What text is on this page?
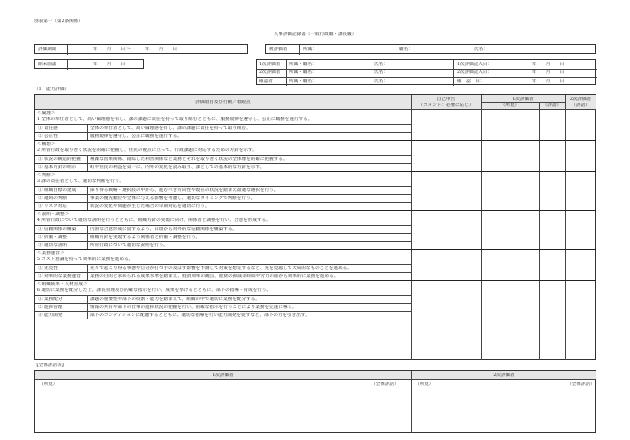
別表第一（第2条関係）
人事評価記録書（一般行政職・課長級）
評価期間	年　　月　　日 ～　　　年　　月　　日
期末面談	年　　月　　日
被評価者	所属：	職名：	氏名：
1次評価者 所属・職名：	氏名：	1次評価記入日：	年　　月　　日
2次評価者 所属・職名：	氏名：	2次評価記入日：	年　　月　　日
確認者	所属・職名：	氏名：	確　認　日：	年　　月　　日
（1　能力評価）
評価項目及び行動／着眼点
自己申告
（コメント：必要に応じ）
1次評価者
（所見）	（評語）
2次評価者
（評語）
＜倫理＞
1 全体の奉仕者として、高い倫理感を有し、課の課題に責任を持って取り組むとともに、服務規律を遵守し、公正に職務を遂行する。
① 責任感	全体の奉仕者として、高い倫理感を有し、課の課題に責任を持って取り組む。
② 公正性	服務規律を遵守し、公正に職務を遂行する。
＜構想＞
2 所管行政を取り巻く状況を的確に把握し、住民の視点に立って、行政課題に対応するための方針を示す。
① 状況の構造的把握	複雑な因果関係、錯綜した利害関係など業務とそれを取り巻く状況の全体像を的確に把握する。
② 基本方針の明示	町や住民の利益を第一に、内外の変化を読み取り、課としての基本的な方針を示す。
＜判断＞
3 課の責任者として、適切な判断を行う。
① 組織目標の達成	採り得る戦略・選択肢の中から、進むべき方向性や現在の状況を踏まえ最適な選択を行う。
② 適時の判断	事業の優先順位や全体に与える影響を考慮し、適切なタイミングで判断を行う。
③ リスク対応	状況の変化や問題が生じた場合の早期対応を適切に行う。
＜説明・調整＞
4 所管行政について適切な説明を行うとともに、組織方針の実現に向け、関係者と調整を行い、合意を形成する。
① 信頼関係の構築	円滑な合意形成に資するよう、日頃から対外的な信頼関係を構築する。
② 折衝・調整	組織方針を実現するよう関係者と折衝・調整を行う。
③ 適切な説明	所管行政について適切な説明を行う。
＜業務運営＞
5 コスト意識を持って効率的に業務を進める。
① 先見性	先々で起こり得る事態や自分が打つ手の及ぼす影響を予測して対策を想定するなど、先を見越して大局的なものごとを進める。
② 効率的な業務運営	業務の目的と求められる成果水準を踏まえ、経済効率の観点、経費の節減等時間や労力の面から効率的に業務を進める。
＜組織統率・人材育成＞
6 適切に業務を配分した上、課長管理及び的確な指示を行い、成果を挙げるとともに、部下の指導・育成を行う。
① 業務配分	課題の重要性や部下の役割・能力を踏まえて、組織の中で適切に業務を配分する。
② 進捗管理	情報の共有や部下の仕事の進捗状況の把握を行い、的確な指示を行うことにより業務を完遂に導く。
③ 能力開発	部下のコンディションに配慮するとともに、適切な指導を行い能力開発を促すなど、部下の力を引き出す。
【全体評語等】
1次評価者	2次評価者
（所見）	（全体評語）	（所見）	（全体評語）
